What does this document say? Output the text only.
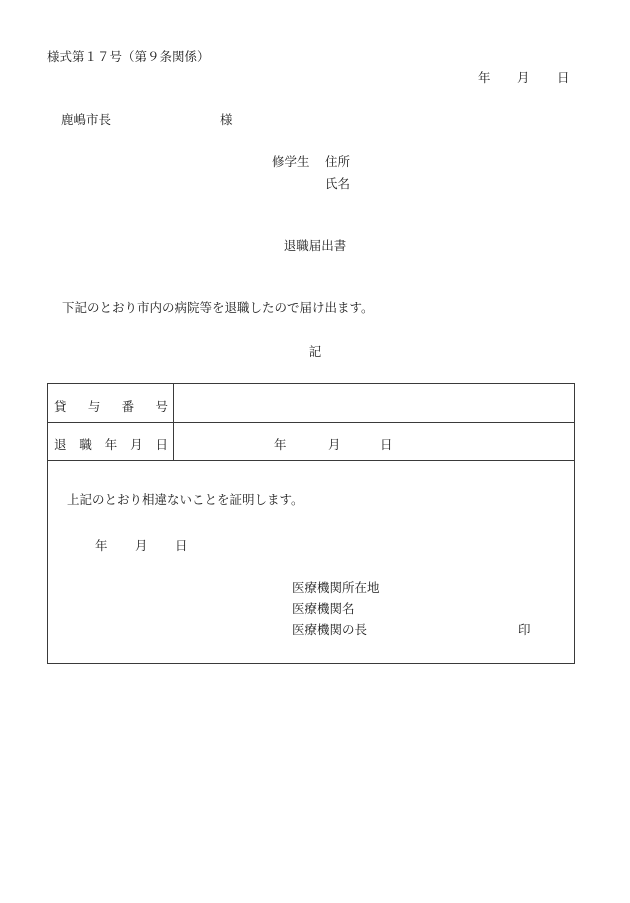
様式第１７号（第９条関係）
年 月 日
鹿嶋市長	様
修学生 住所
氏名
退職届出書
下記のとおり市内の病院等を退職したので届け出ます。
記
貸 与 番 号
退 職 年 月 日	年	月	日
上記のとおり相違ないことを証明します。
年 月 日
医療機関所在地
医療機関名
医療機関の長	印
